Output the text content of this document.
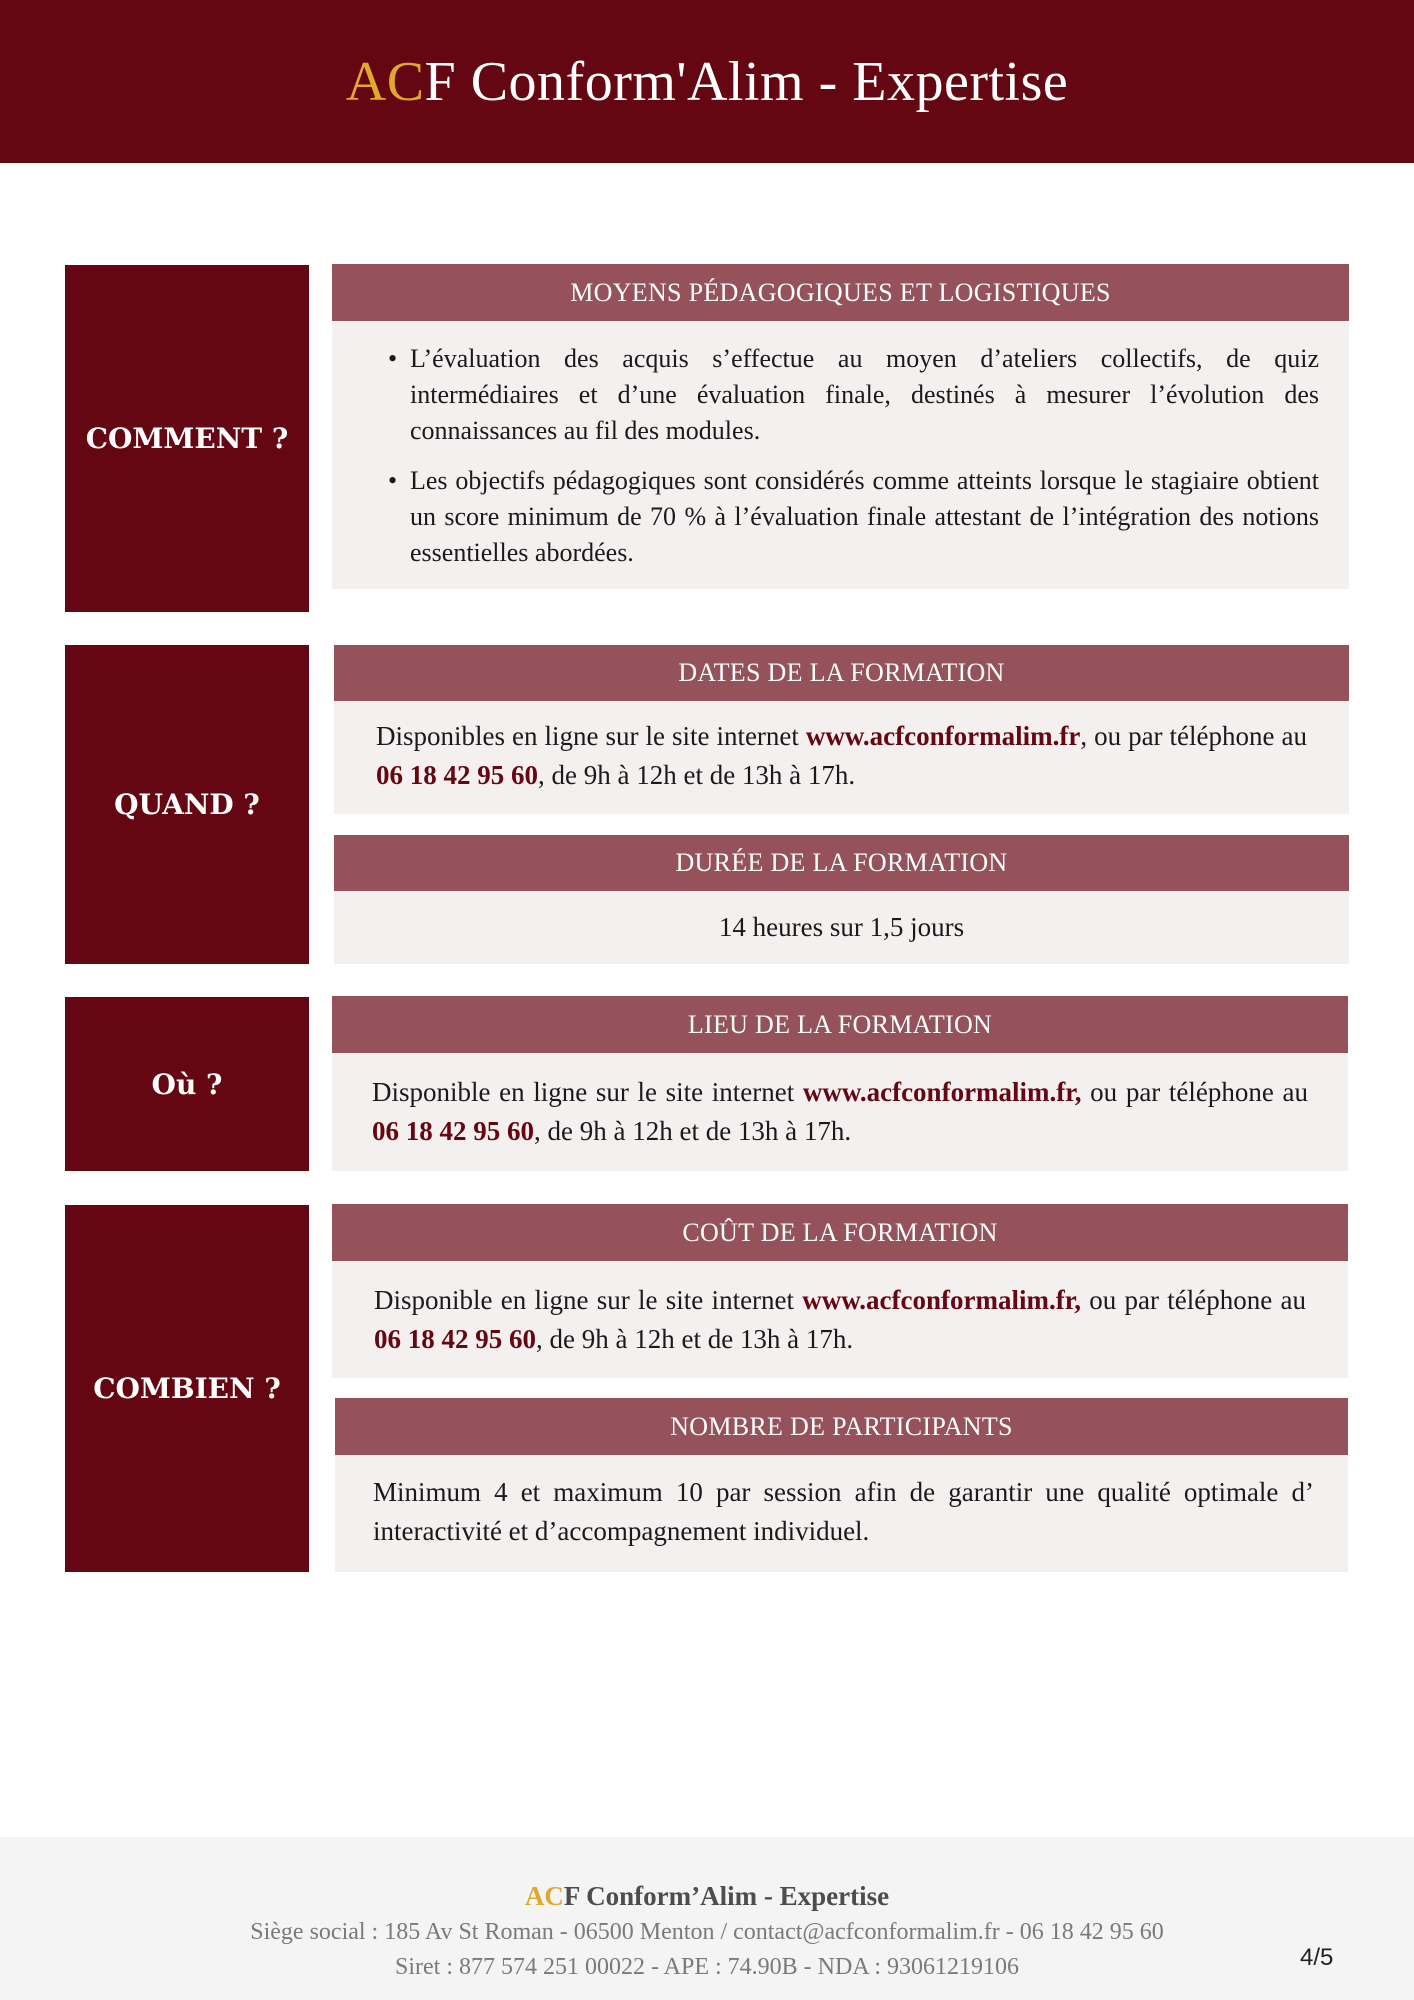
ACF Conform'Alim - Expertise
COMMENT ?
MOYENS PÉDAGOGIQUES ET LOGISTIQUES
• L’évaluation des acquis s’effectue au moyen d’ateliers collectifs, de quiz intermédiaires et d’une évaluation finale, destinés à mesurer l’évolution des connaissances au fil des modules.
• Les objectifs pédagogiques sont considérés comme atteints lorsque le stagiaire obtient un score minimum de 70 % à l’évaluation finale attestant de l’intégration des notions essentielles abordées.
QUAND ?
DATES DE LA FORMATION

Disponibles en ligne sur le site internet www.acfconformalim.fr, ou par téléphone au 06 18 42 95 60, de 9h à 12h et de 13h à 17h.

DURÉE DE LA FORMATION
14 heures sur 1,5 jours
Où ?
LIEU DE LA FORMATION

Disponible en ligne sur le site internet www.acfconformalim.fr, ou par téléphone au 06 18 42 95 60, de 9h à 12h et de 13h à 17h.

COMBIEN ?
COÛT DE LA FORMATION

Disponible en ligne sur le site internet www.acfconformalim.fr, ou par téléphone au 06 18 42 95 60, de 9h à 12h et de 13h à 17h.

NOMBRE DE PARTICIPANTS

Minimum 4 et maximum 10 par session afin de garantir une qualité optimale d’ interactivité et d’accompagnement individuel.

ACF Conform’Alim - Expertise
Siège social : 185 Av St Roman - 06500 Menton / contact@acfconformalim.fr - 06 18 42 95 60
Siret : 877 574 251 00022 - APE : 74.90B - NDA : 93061219106	4/5
